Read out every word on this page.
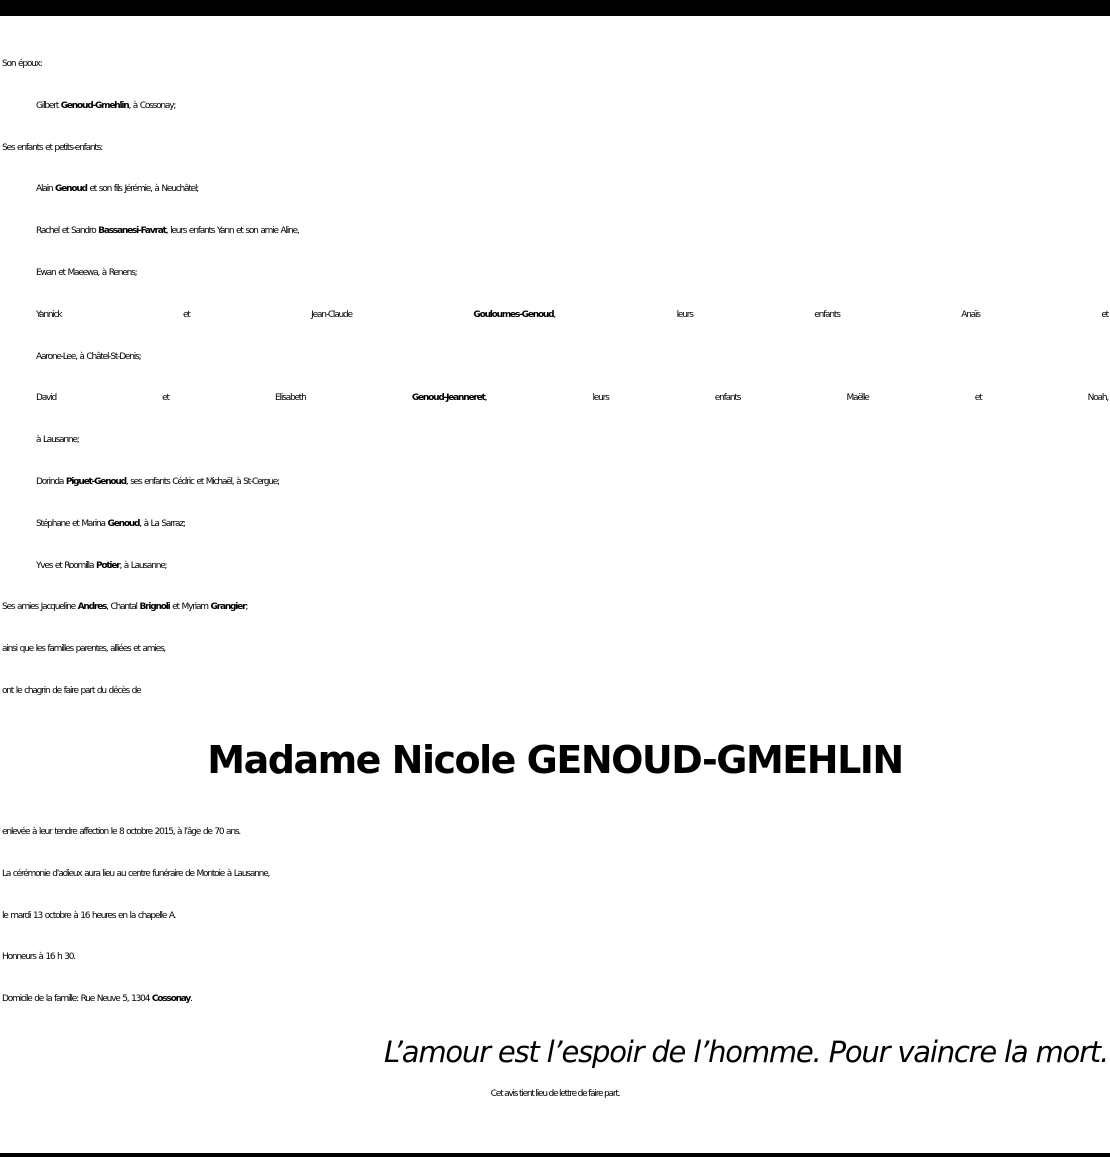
Son époux:
Gilbert Genoud-Gmehlin, à Cossonay;
Ses enfants et petits-enfants:
Alain Genoud et son fils Jérémie, à Neuchâtel;
Rachel et Sandro Bassanesi-Favrat, leurs enfants Yann et son amie Aline,
Ewan et Maeewa, à Renens;
Yannick et Jean-Claude Gouloumes-Genoud, leurs enfants Anaïs et
Aarone-Lee, à Châtel-St-Denis;
David et Elisabeth Genoud-Jeanneret, leurs enfants Maëlle et Noah,
à Lausanne;
Dorinda Piguet-Genoud, ses enfants Cédric et Michaël, à St-Cergue;
Stéphane et Marina Genoud, à La Sarraz;
Yves et Roomilla Potier, à Lausanne;
Ses amies Jacqueline Andres, Chantal Brignoli et Myriam Grangier;
ainsi que les familles parentes, alliées et amies,
ont le chagrin de faire part du décès de
Madame Nicole GENOUD-GMEHLIN
enlevée à leur tendre affection le 8 octobre 2015, à l’âge de 70 ans.
La cérémonie d’adieux aura lieu au centre funéraire de Montoie à Lausanne,
le mardi 13 octobre à 16 heures en la chapelle A.
Honneurs à 16 h 30.
Domicile de la famille: Rue Neuve 5, 1304 Cossonay.
L’amour est l’espoir de l’homme. Pour vaincre la mort.
Cet avis tient lieu de lettre de faire part.
